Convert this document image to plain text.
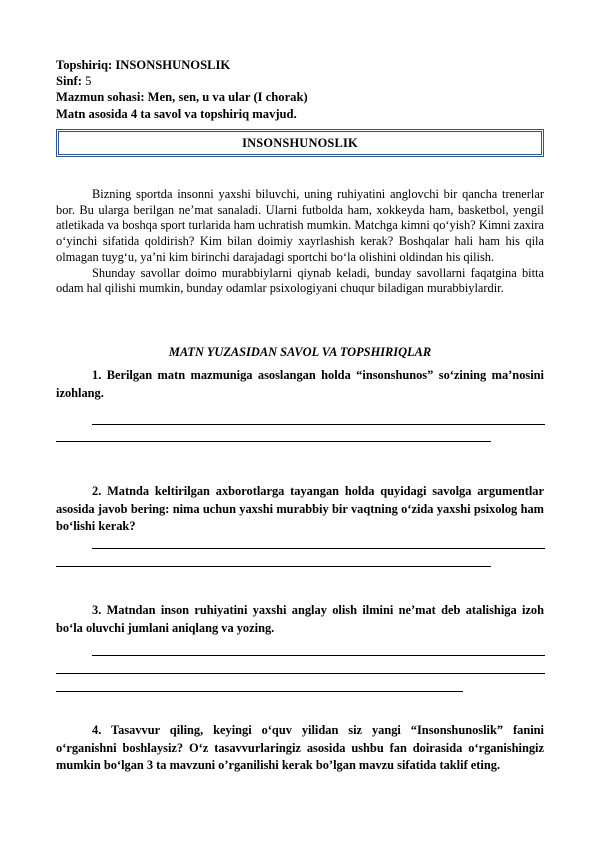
Topshiriq: INSONSHUNOSLIK
Sinf: 5
Mazmun sohasi: Men, sen, u va ular (I chorak)
Matn asosida 4 ta savol va topshiriq mavjud.
INSONSHUNOSLIK

Bizning sportda insonni yaxshi biluvchi, uning ruhiyatini anglovchi bir qancha trenerlar bor. Bu ularga berilgan ne’mat sanaladi. Ularni futbolda ham, xokkeyda ham, basketbol, yengil atletikada va boshqa sport turlarida ham uchratish mumkin. Matchga kimni qo‘yish? Kimni zaxira o‘yinchi sifatida qoldirish? Kim bilan doimiy xayrlashish kerak? Boshqalar hali ham his qila olmagan tuyg‘u, ya’ni kim birinchi darajadagi sportchi bo‘la olishini oldindan his qilish.

Shunday savollar doimo murabbiylarni qiynab keladi, bunday savollarni faqatgina bitta odam hal qilishi mumkin, bunday odamlar psixologiyani chuqur biladigan murabbiylardir.

MATN YUZASIDAN SAVOL VA TOPSHIRIQLAR
1. Berilgan matn mazmuniga asoslangan holda “insonshunos” so‘zining ma’nosini izohlang.
2. Matnda keltirilgan axborotlarga tayangan holda quyidagi savolga argumentlar asosida javob bering: nima uchun yaxshi murabbiy bir vaqtning o‘zida yaxshi psixolog ham bo‘lishi kerak?
3. Matndan inson ruhiyatini yaxshi anglay olish ilmini ne’mat deb atalishiga izoh bo‘la oluvchi jumlani aniqlang va yozing.
4. Tasavvur qiling, keyingi o‘quv yilidan siz yangi “Insonshunoslik” fanini o‘rganishni boshlaysiz? O‘z tasavvurlaringiz asosida ushbu fan doirasida o‘rganishingiz mumkin bo‘lgan 3 ta mavzuni o’rganilishi kerak bo’lgan mavzu sifatida taklif eting.
